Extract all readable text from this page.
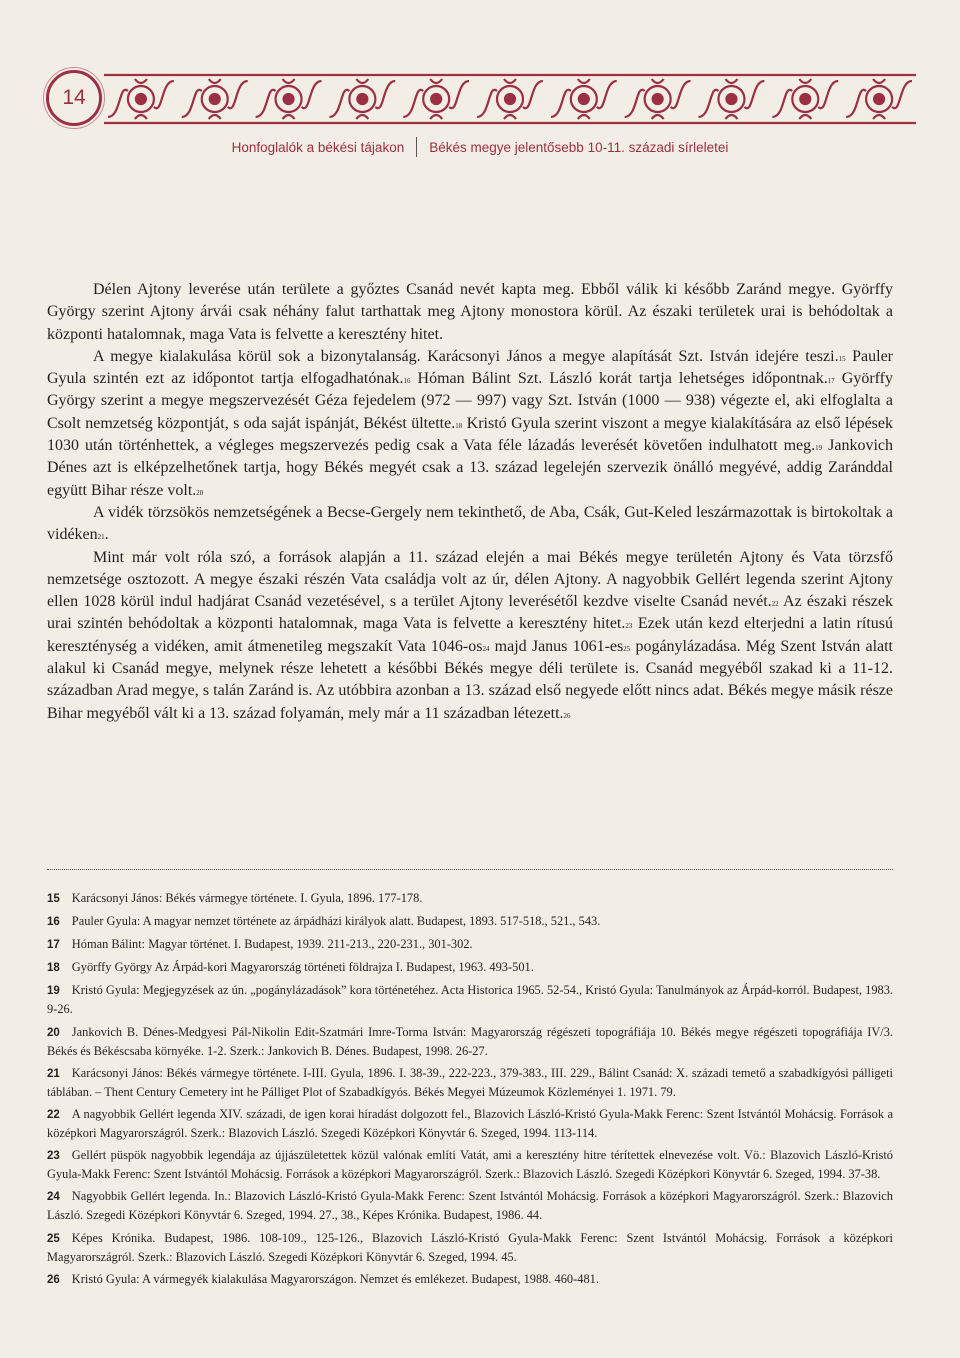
14
Honfoglalók a békési tájakon Békés megye jelentősebb 10-11. századi sírleletei

Délen Ajtony leverése után területe a győztes Csanád nevét kapta meg. Ebből válik ki később Zaránd megye. Györffy György szerint Ajtony árvái csak néhány falut tarthattak meg Ajtony monostora körül. Az északi területek urai is behódoltak a központi hatalomnak, maga Vata is felvette a keresztény hitet.

A megye kialakulása körül sok a bizonytalanság. Karácsonyi János a megye alapítását Szt. István idejére teszi.$^{15}$ Pauler Gyula szintén ezt az időpontot tartja elfogadhatónak.$^{16}$ Hóman Bálint Szt. László korát tartja lehetséges időpontnak.$^{17}$ Györffy György szerint a megye megszervezését Géza fejedelem (972 — 997) vagy Szt. István (1000 — 938) végezte el, aki elfoglalta a Csolt nemzetség központját, s oda saját ispánját, Békést ültette.$^{18}$ Kristó Gyula szerint viszont a megye kialakítására az első lépések 1030 után történhettek, a végleges megszervezés pedig csak a Vata féle lázadás leverését követően indulhatott meg.$^{19}$ Jankovich Dénes azt is elképzelhetőnek tartja, hogy Békés megyét csak a 13. század legelején szervezik önálló megyévé, addig Zaránddal együtt Bihar része volt.$^{20}$

A vidék törzsökös nemzetségének a Becse-Gergely nem tekinthető, de Aba, Csák, Gut-Keled leszármazottak is birtokoltak a vidéken$^{21}$.

Mint már volt róla szó, a források alapján a 11. század elején a mai Békés megye területén Ajtony és Vata törzsfő nemzetsége osztozott. A megye északi részén Vata családja volt az úr, délen Ajtony. A nagyobbik Gellért legenda szerint Ajtony ellen 1028 körül indul hadjárat Csanád vezetésével, s a terület Ajtony leverésétől kezdve viselte Csanád nevét.$^{22}$ Az északi részek urai szintén behódoltak a központi hatalomnak, maga Vata is felvette a keresztény hitet.$^{23}$ Ezek után kezd elterjedni a latin rítusú kereszténység a vidéken, amit átmenetileg megszakít Vata $1046-os^{24}$ majd Janus $1061-es^{25}$ pogánylázadása. Még Szent István alatt alakul ki Csanád megye, melynek része lehetett a későbbi Békés megye déli területe is. Csanád megyéből szakad ki a 11-12. században Arad megye, s talán Zaránd is. Az utóbbira azonban a 13. század első negyede előtt nincs adat. Békés megye másik része Bihar megyéből vált ki a 13. század folyamán, mely már a 11 században létezett.$^{26}$

15 Karácsonyi János: Békés vármegye története. I. Gyula, 1896. 177-178.
16 Pauler Gyula: A magyar nemzet története az árpádházi királyok alatt. Budapest, 1893. 517-518., 521., 543.
17 Hóman Bálint: Magyar történet. I. Budapest, 1939. 211-213., 220-231., 301-302.
18 Györffy György Az Árpád-kori Magyarország történeti földrajza I. Budapest, 1963. 493-501.
19 Kristó Gyula: Megjegyzések az ún. „pogánylázadások” kora történetéhez. Acta Historica 1965. 52-54., Kristó Gyula: Tanulmányok az Árpád-korról. Budapest, 1983. 9-26.
20 Jankovich B. Dénes-Medgyesi Pál-Nikolin Edit-Szatmári Imre-Torma István: Magyarország régészeti topográfiája 10. Békés megye régészeti topográfiája IV/3. Békés és Békéscsaba környéke. 1-2. Szerk.: Jankovich B. Dénes. Budapest, 1998. 26-27.
21 Karácsonyi János: Békés vármegye története. I-III. Gyula, 1896. I. 38-39., 222-223., 379-383., III. 229., Bálint Csanád: X. századi temető a szabadkígyósi pálligeti táblában. – Thent Century Cemetery int he Pálliget Plot of Szabadkígyós. Békés Megyei Múzeumok Közleményei 1. 1971. 79.
22 A nagyobbik Gellért legenda XIV. századi, de igen korai híradást dolgozott fel., Blazovich László-Kristó Gyula-Makk Ferenc: Szent Istvántól Mohácsig. Források a középkori Magyarországról. Szerk.: Blazovich László. Szegedi Középkori Könyvtár 6. Szeged, 1994. 113-114.
23 Gellért püspök nagyobbik legendája az újjászületettek közül valónak említi Vatát, ami a keresztény hitre térítettek elnevezése volt. Vö.: Blazovich László-Kristó Gyula-Makk Ferenc: Szent Istvántól Mohácsig. Források a középkori Magyarországról. Szerk.: Blazovich László. Szegedi Középkori Könyvtár 6. Szeged, 1994. 37-38.
24 Nagyobbik Gellért legenda. In.: Blazovich László-Kristó Gyula-Makk Ferenc: Szent Istvántól Mohácsig. Források a középkori Magyarországról. Szerk.: Blazovich László. Szegedi Középkori Könyvtár 6. Szeged, 1994. 27., 38., Képes Krónika. Budapest, 1986. 44.
25 Képes Krónika. Budapest, 1986. 108-109., 125-126., Blazovich László-Kristó Gyula-Makk Ferenc: Szent Istvántól Mohácsig. Források a középkori Magyarországról. Szerk.: Blazovich László. Szegedi Középkori Könyvtár 6. Szeged, 1994. 45.
26 Kristó Gyula: A vármegyék kialakulása Magyarországon. Nemzet és emlékezet. Budapest, 1988. 460-481.
